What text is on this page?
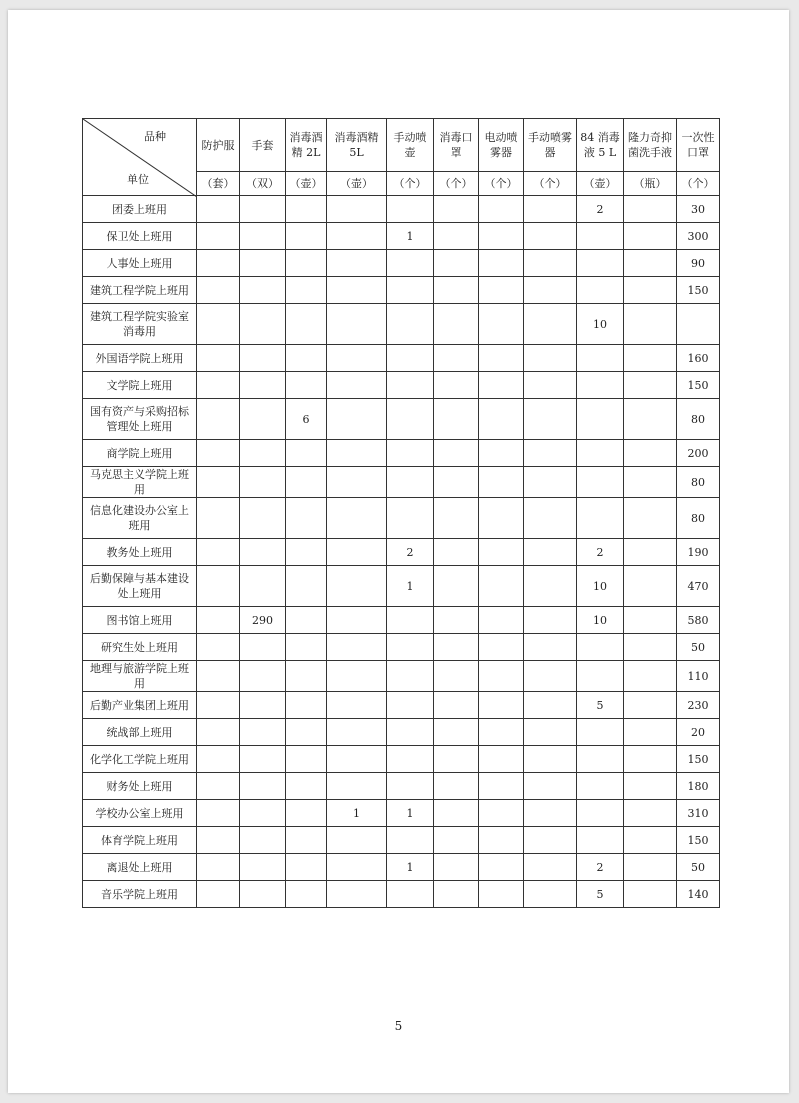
品种
单位	防护服	手套	消毒酒精 2L	消毒酒精 5L	手动喷壶	消毒口罩	电动喷雾器	手动喷雾器	84 消毒液 5 L	隆力奇抑菌洗手液	一次性口罩
	（套）	（双）	（壶）	（壶）	（个）	（个）	（个）	（个）	（壶）	（瓶）	（个）
团委上班用									2		30
保卫处上班用					1						300
人事处上班用											90
建筑工程学院上班用											150
建筑工程学院实验室消毒用									10		
外国语学院上班用											160
文学院上班用											150
国有资产与采购招标管理处上班用			6								80
商学院上班用											200
马克思主义学院上班用											80
信息化建设办公室上班用											80
教务处上班用					2				2		190
后勤保障与基本建设处上班用					1				10		470
图书馆上班用		290							10		580
研究生处上班用											50
地理与旅游学院上班用											110
后勤产业集团上班用									5		230
统战部上班用											20
化学化工学院上班用											150
财务处上班用											180
学校办公室上班用				1	1						310
体育学院上班用											150
离退处上班用					1				2		50
音乐学院上班用									5		140
5
